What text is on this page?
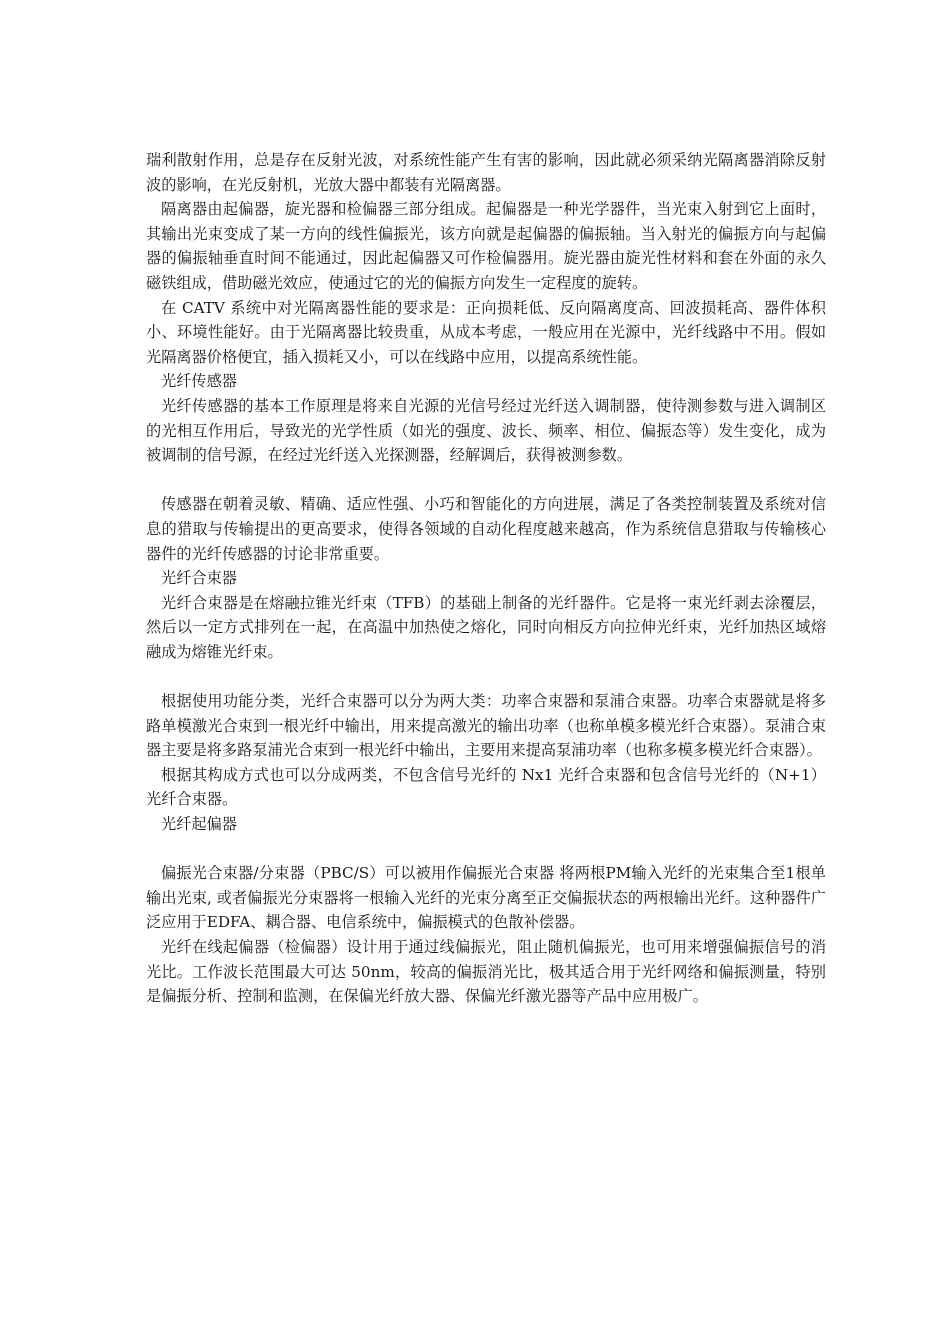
瑞利散射作用，总是存在反射光波，对系统性能产生有害的影响，因此就必须采纳光隔离器消除反射波的影响，在光反射机，光放大器中都装有光隔离器。

隔离器由起偏器，旋光器和检偏器三部分组成。起偏器是一种光学器件，当光束入射到它上面时，其输出光束变成了某一方向的线性偏振光，该方向就是起偏器的偏振轴。当入射光的偏振方向与起偏器的偏振轴垂直时间不能通过，因此起偏器又可作检偏器用。旋光器由旋光性材料和套在外面的永久磁铁组成，借助磁光效应，使通过它的光的偏振方向发生一定程度的旋转。

在 CATV 系统中对光隔离器性能的要求是：正向损耗低、反向隔离度高、回波损耗高、器件体积小、环境性能好。由于光隔离器比较贵重，从成本考虑，一般应用在光源中，光纤线路中不用。假如光隔离器价格便宜，插入损耗又小，可以在线路中应用，以提高系统性能。

光纤传感器

光纤传感器的基本工作原理是将来自光源的光信号经过光纤送入调制器，使待测参数与进入调制区的光相互作用后，导致光的光学性质（如光的强度、波长、频率、相位、偏振态等）发生变化，成为被调制的信号源，在经过光纤送入光探测器，经解调后，获得被测参数。

传感器在朝着灵敏、精确、适应性强、小巧和智能化的方向进展，满足了各类控制装置及系统对信息的猎取与传输提出的更高要求，使得各领域的自动化程度越来越高，作为系统信息猎取与传输核心器件的光纤传感器的讨论非常重要。

光纤合束器

光纤合束器是在熔融拉锥光纤束（TFB）的基础上制备的光纤器件。它是将一束光纤剥去涂覆层，然后以一定方式排列在一起，在高温中加热使之熔化，同时向相反方向拉伸光纤束，光纤加热区域熔融成为熔锥光纤束。

根据使用功能分类，光纤合束器可以分为两大类：功率合束器和泵浦合束器。功率合束器就是将多路单模激光合束到一根光纤中输出，用来提高激光的输出功率（也称单模多模光纤合束器）。泵浦合束器主要是将多路泵浦光合束到一根光纤中输出，主要用来提高泵浦功率（也称多模多模光纤合束器）。

根据其构成方式也可以分成两类，不包含信号光纤的 Nx1 光纤合束器和包含信号光纤的（N+1）光纤合束器。

光纤起偏器

偏振光合束器/分束器（PBC/S）可以被用作偏振光合束器 将两根PM输入光纤的光束集合至1根单输出光束, 或者偏振光分束器将一根输入光纤的光束分离至正交偏振状态的两根输出光纤。这种器件广泛应用于EDFA、耦合器、电信系统中，偏振模式的色散补偿器。

光纤在线起偏器（检偏器）设计用于通过线偏振光，阻止随机偏振光，也可用来增强偏振信号的消光比。工作波长范围最大可达 50nm，较高的偏振消光比，极其适合用于光纤网络和偏振测量，特别是偏振分析、控制和监测，在保偏光纤放大器、保偏光纤激光器等产品中应用极广。
